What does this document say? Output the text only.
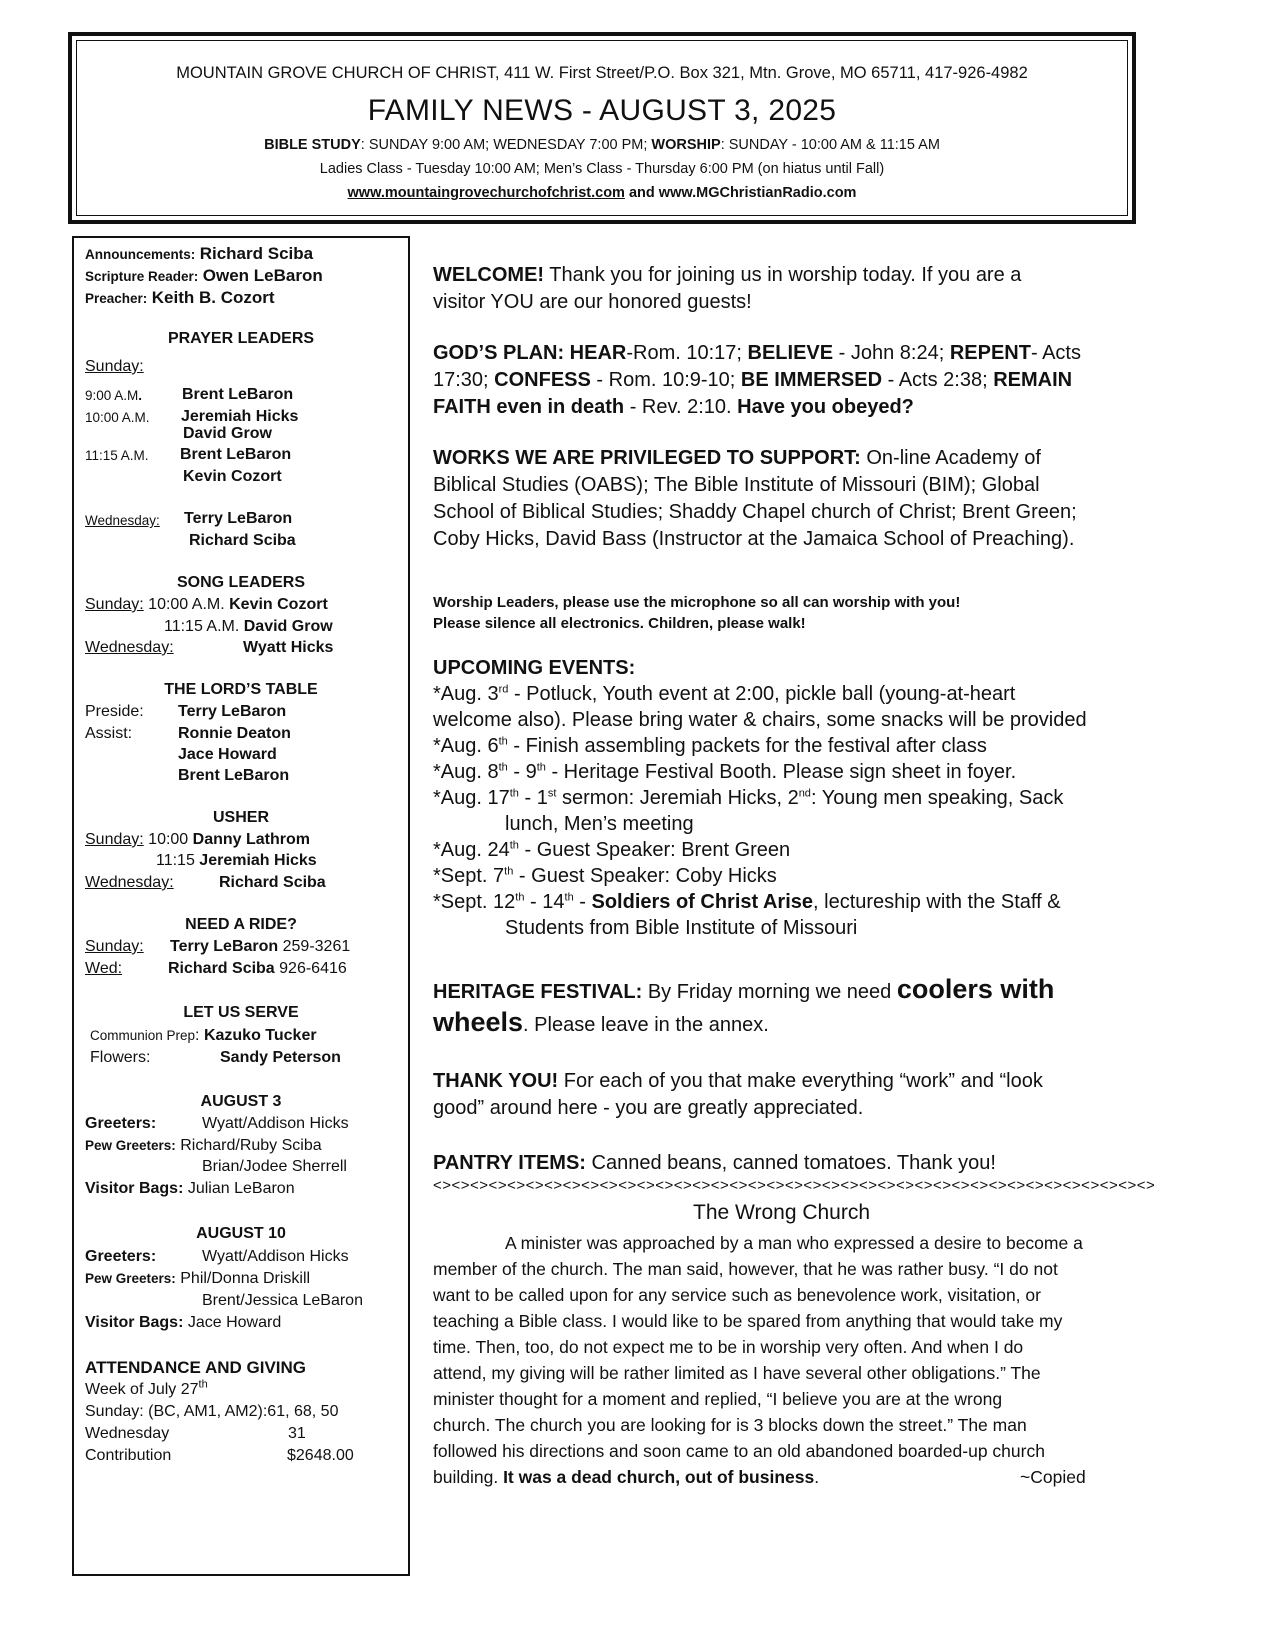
MOUNTAIN GROVE CHURCH OF CHRIST, 411 W. First Street/P.O. Box 321, Mtn. Grove, MO 65711, 417-926-4982
FAMILY NEWS - AUGUST 3, 2025
BIBLE STUDY: SUNDAY 9:00 AM; WEDNESDAY 7:00 PM; WORSHIP: SUNDAY - 10:00 AM & 11:15 AM
Ladies Class - Tuesday 10:00 AM; Men’s Class - Thursday 6:00 PM (on hiatus until Fall)
www.mountaingrovechurchofchrist.com and www.MGChristianRadio.com
Announcements: Richard Sciba
Scripture Reader: Owen LeBaron
Preacher: Keith B. Cozort
PRAYER LEADERS
Sunday:
9:00 A.M. Brent LeBaron
10:00 A.M. Jeremiah Hicks
David Grow
11:15 A.M. Brent LeBaron
Kevin Cozort
Wednesday: Terry LeBaron
Richard Sciba
SONG LEADERS
Sunday: 10:00 A.M. Kevin Cozort
11:15 A.M. David Grow
Wednesday:	Wyatt Hicks
THE LORD’S TABLE
Preside: Terry LeBaron
Assist:	Ronnie Deaton
Jace Howard
Brent LeBaron
USHER
Sunday: 10:00 Danny Lathrom
11:15 Jeremiah Hicks
Wednesday:	Richard Sciba
NEED A RIDE?
Sunday: Terry LeBaron 259-3261
Wed:	Richard Sciba 926-6416
LET US SERVE
Communion Prep: Kazuko Tucker
Flowers:	Sandy Peterson
AUGUST 3
Greeters:	Wyatt/Addison Hicks
Pew Greeters: Richard/Ruby Sciba
Brian/Jodee Sherrell
Visitor Bags: Julian LeBaron
AUGUST 10
Greeters:	Wyatt/Addison Hicks
Pew Greeters: Phil/Donna Driskill
Brent/Jessica LeBaron
Visitor Bags: Jace Howard
ATTENDANCE AND GIVING
Week of July 27th
Sunday: (BC, AM1, AM2):61, 68, 50
Wednesday	31
Contribution	$2648.00
WELCOME! Thank you for joining us in worship today. If you are a
visitor YOU are our honored guests!
GOD’S PLAN: HEAR-Rom. 10:17; BELIEVE - John 8:24; REPENT- Acts
17:30; CONFESS - Rom. 10:9-10; BE IMMERSED - Acts 2:38; REMAIN
FAITH even in death - Rev. 2:10. Have you obeyed?
WORKS WE ARE PRIVILEGED TO SUPPORT: On-line Academy of
Biblical Studies (OABS); The Bible Institute of Missouri (BIM); Global
School of Biblical Studies; Shaddy Chapel church of Christ; Brent Green;
Coby Hicks, David Bass (Instructor at the Jamaica School of Preaching).
Worship Leaders, please use the microphone so all can worship with you!
Please silence all electronics. Children, please walk!
UPCOMING EVENTS:
*Aug. 3rd - Potluck, Youth event at 2:00, pickle ball (young-at-heart
welcome also). Please bring water & chairs, some snacks will be provided
*Aug. 6th - Finish assembling packets for the festival after class
*Aug. 8th - 9th - Heritage Festival Booth. Please sign sheet in foyer.
*Aug. 17th - 1st sermon: Jeremiah Hicks, 2nd: Young men speaking, Sack
lunch, Men’s meeting
*Aug. 24th - Guest Speaker: Brent Green
*Sept. 7th - Guest Speaker: Coby Hicks
*Sept. 12th - 14th - Soldiers of Christ Arise, lectureship with the Staff &
Students from Bible Institute of Missouri
HERITAGE FESTIVAL: By Friday morning we need coolers with
wheels. Please leave in the annex.
THANK YOU! For each of you that make everything “work” and “look
good” around here - you are greatly appreciated.
PANTRY ITEMS: Canned beans, canned tomatoes. Thank you!
<><><><><><><><><><><><><><><><><><><><><><><><><><><><><><><><><><><><><><><>
The Wrong Church
A minister was approached by a man who expressed a desire to become a
member of the church. The man said, however, that he was rather busy. “I do not
want to be called upon for any service such as benevolence work, visitation, or
teaching a Bible class. I would like to be spared from anything that would take my
time. Then, too, do not expect me to be in worship very often. And when I do
attend, my giving will be rather limited as I have several other obligations.” The
minister thought for a moment and replied, “I believe you are at the wrong
church. The church you are looking for is 3 blocks down the street.” The man
followed his directions and soon came to an old abandoned boarded-up church
building. It was a dead church, out of business.	~Copied
